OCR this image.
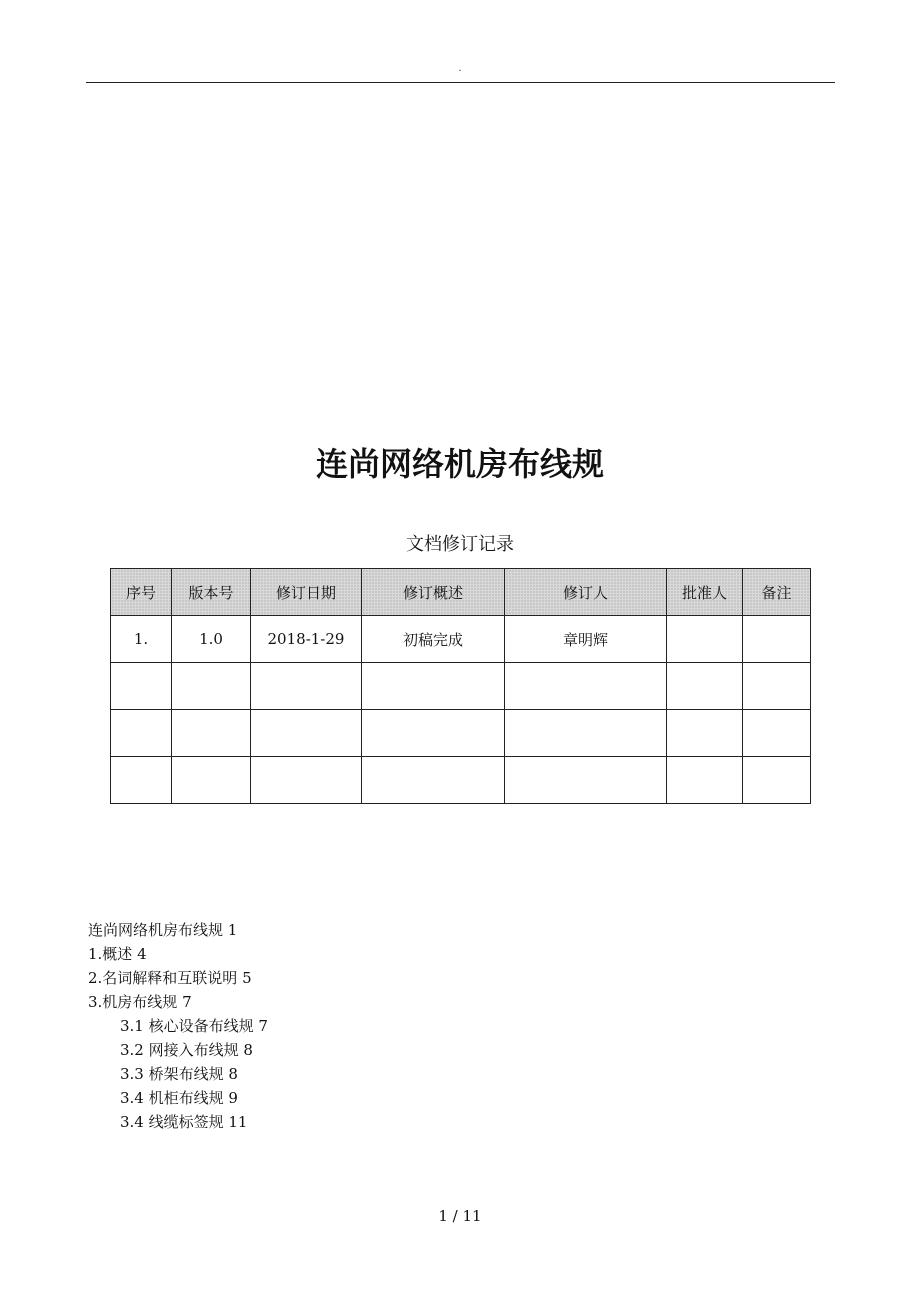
.
连尚网络机房布线规
文档修订记录
序号	版本号	修订日期	修订概述	修订人	批准人	备注
1.	1.0	2018-1-29	初稿完成	章明辉		

连尚网络机房布线规 1
1.概述 4
2.名词解释和互联说明 5
3.机房布线规 7
3.1 核心设备布线规 7
3.2 网接入布线规 8
3.3 桥架布线规 8
3.4 机柜布线规 9
3.4 线缆标签规 11
1 / 11
